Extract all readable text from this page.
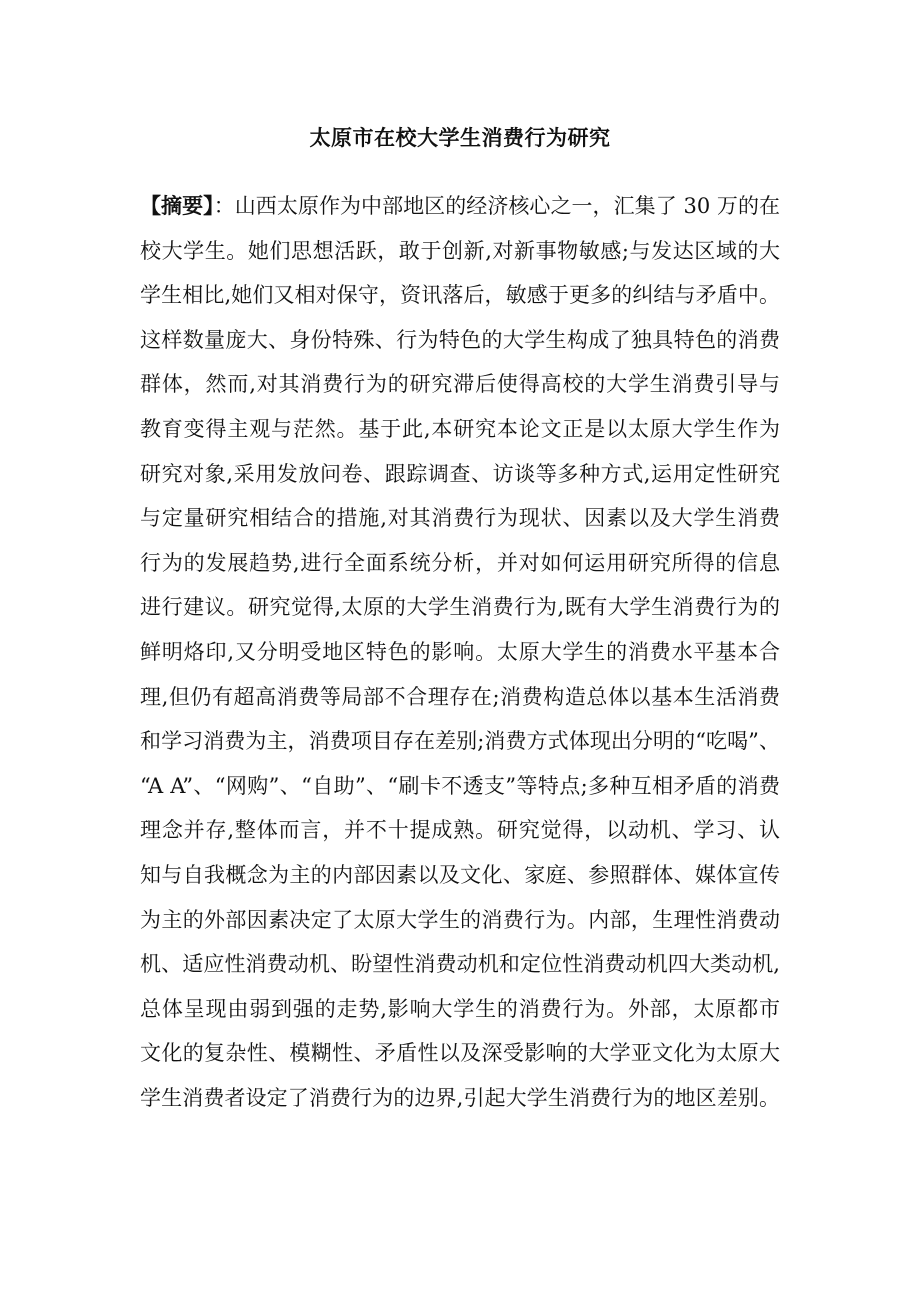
太原市在校大学生消费行为研究
【摘要】：山西太原作为中部地区的经济核心之一，汇集了 30 万的在
校大学生。她们思想活跃，敢于创新,对新事物敏感;与发达区域的大
学生相比,她们又相对保守，资讯落后，敏感于更多的纠结与矛盾中。
这样数量庞大、身份特殊、行为特色的大学生构成了独具特色的消费
群体，然而,对其消费行为的研究滞后使得高校的大学生消费引导与
教育变得主观与茫然。基于此,本研究本论文正是以太原大学生作为
研究对象,采用发放问卷、跟踪调查、访谈等多种方式,运用定性研究
与定量研究相结合的措施,对其消费行为现状、因素以及大学生消费
行为的发展趋势,进行全面系统分析，并对如何运用研究所得的信息
进行建议。研究觉得,太原的大学生消费行为,既有大学生消费行为的
鲜明烙印,又分明受地区特色的影响。太原大学生的消费水平基本合
理,但仍有超高消费等局部不合理存在;消费构造总体以基本生活消费
和学习消费为主，消费项目存在差别;消费方式体现出分明的“吃喝”、
“A A”、“网购”、“自助”、“刷卡不透支”等特点;多种互相矛盾的消费
理念并存,整体而言，并不十提成熟。研究觉得，以动机、学习、认
知与自我概念为主的内部因素以及文化、家庭、参照群体、媒体宣传
为主的外部因素决定了太原大学生的消费行为。内部，生理性消费动
机、适应性消费动机、盼望性消费动机和定位性消费动机四大类动机,
总体呈现由弱到强的走势,影响大学生的消费行为。外部，太原都市
文化的复杂性、模糊性、矛盾性以及深受影响的大学亚文化为太原大
学生消费者设定了消费行为的边界,引起大学生消费行为的地区差别。
